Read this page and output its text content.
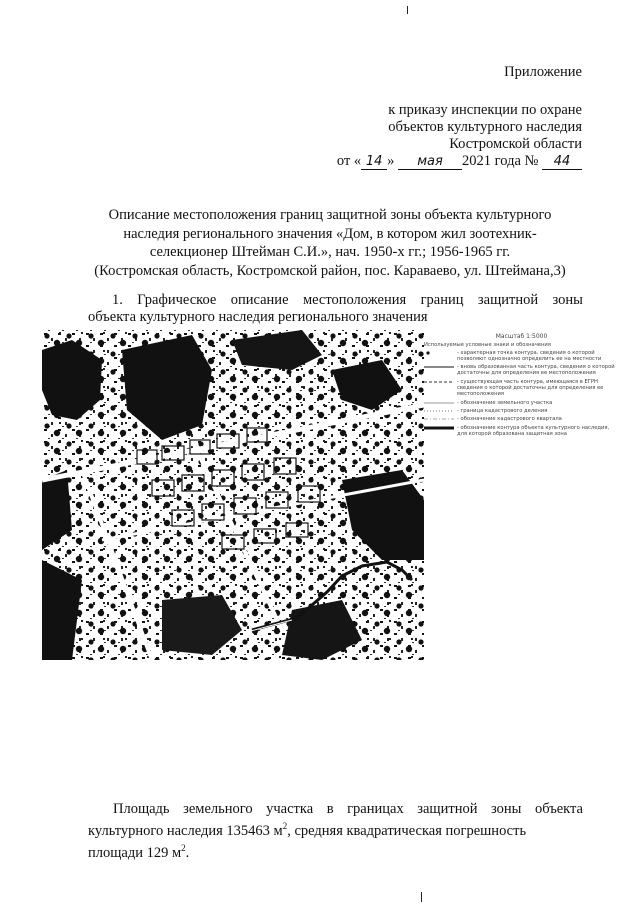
Приложение
к приказу инспекции по охране
объектов культурного наследия
Костромской области
от « 14 » мая 2021 года № 44
Описание местоположения границ защитной зоны объекта культурного
наследия регионального значения «Дом, в котором жил зоотехник-
селекционер Штейман С.И.», нач. 1950-х гг.; 1956-1965 гг.
(Костромская область, Костромской район, пос. Караваево, ул. Штеймана,3)
1. Графическое описание местоположения границ защитной зоны
объекта культурного наследия регионального значения
Масштаб 1:5000
Используемые условные знаки и обозначения
- характерная точка контура, сведения о которой позволяют однозначно определить ее на местности
- вновь образованная часть контура, сведения о которой достаточны для определения ее местоположения
- существующая часть контура, имеющаяся в ЕГРН сведения о которой достаточны для определения ее местоположения
- обозначение земельного участка
- граница кадастрового деления
- обозначение кадастрового квартала
- обозначение контура объекта культурного наследия, для которой образована защитная зона
Площадь земельного участка в границах защитной зоны объекта
культурного наследия 135463 $м^2$, средняя квадратическая погрешность
площади 129 $м^2$.
